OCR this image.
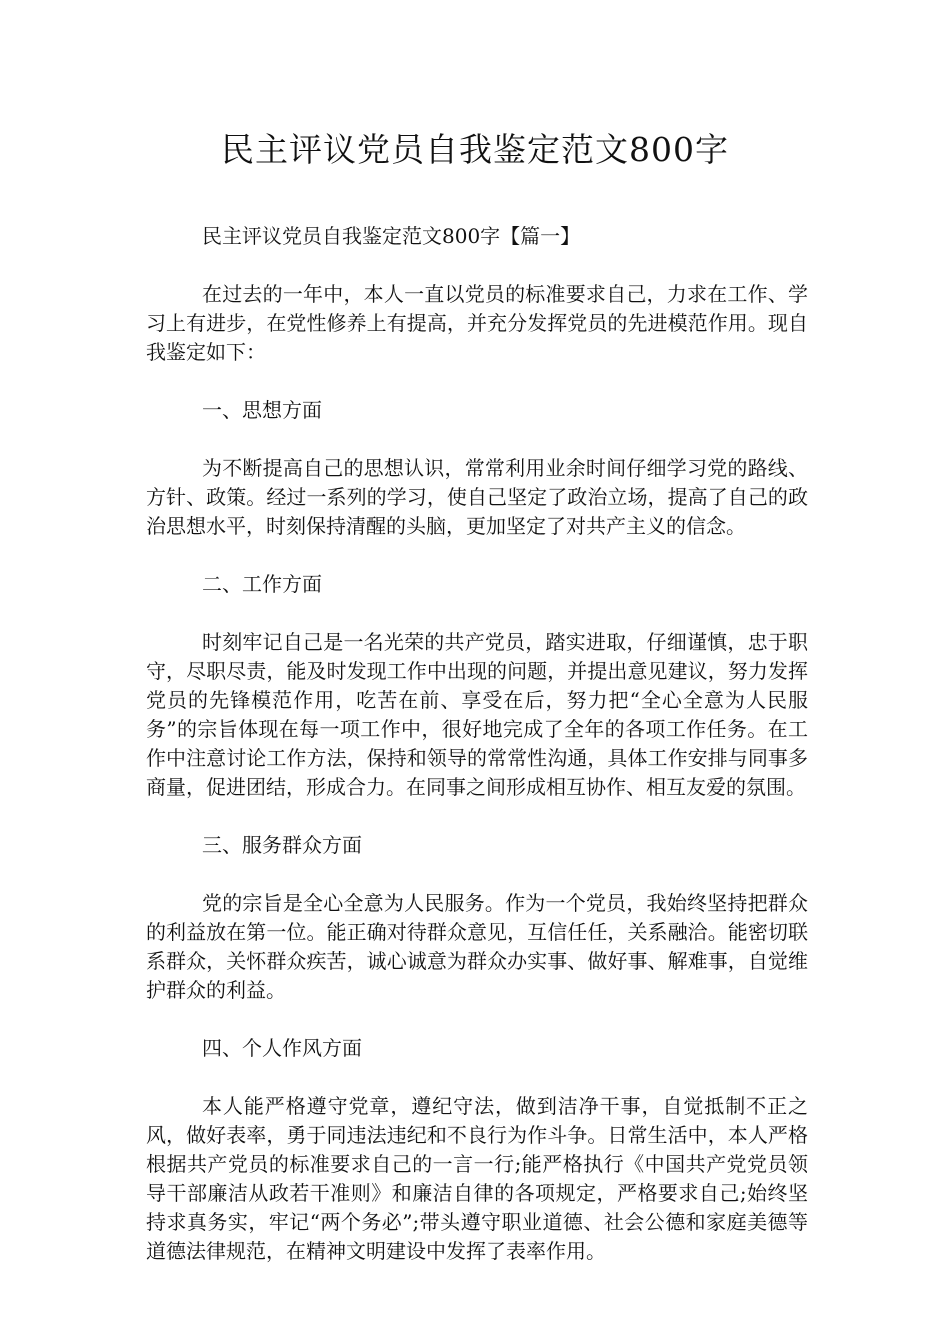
民主评议党员自我鉴定范文800字

民主评议党员自我鉴定范文800字【篇一】

在过去的一年中，本人一直以党员的标准要求自己，力求在工作、学习上有进步，在党性修养上有提高，并充分发挥党员的先进模范作用。现自我鉴定如下：

一、思想方面

为不断提高自己的思想认识，常常利用业余时间仔细学习党的路线、方针、政策。经过一系列的学习，使自己坚定了政治立场，提高了自己的政治思想水平，时刻保持清醒的头脑，更加坚定了对共产主义的信念。

二、工作方面

时刻牢记自己是一名光荣的共产党员，踏实进取，仔细谨慎，忠于职守，尽职尽责，能及时发现工作中出现的问题，并提出意见建议，努力发挥党员的先锋模范作用，吃苦在前、享受在后，努力把“全心全意为人民服务”的宗旨体现在每一项工作中，很好地完成了全年的各项工作任务。在工作中注意讨论工作方法，保持和领导的常常性沟通，具体工作安排与同事多商量，促进团结，形成合力。在同事之间形成相互协作、相互友爱的氛围。

三、服务群众方面

党的宗旨是全心全意为人民服务。作为一个党员，我始终坚持把群众的利益放在第一位。能正确对待群众意见，互信任任，关系融洽。能密切联系群众，关怀群众疾苦，诚心诚意为群众办实事、做好事、解难事，自觉维护群众的利益。

四、个人作风方面

本人能严格遵守党章，遵纪守法，做到洁净干事，自觉抵制不正之风，做好表率，勇于同违法违纪和不良行为作斗争。日常生活中，本人严格根据共产党员的标准要求自己的一言一行;能严格执行《中国共产党党员领导干部廉洁从政若干准则》和廉洁自律的各项规定，严格要求自己;始终坚持求真务实，牢记“两个务必”;带头遵守职业道德、社会公德和家庭美德等道德法律规范，在精神文明建设中发挥了表率作用。
